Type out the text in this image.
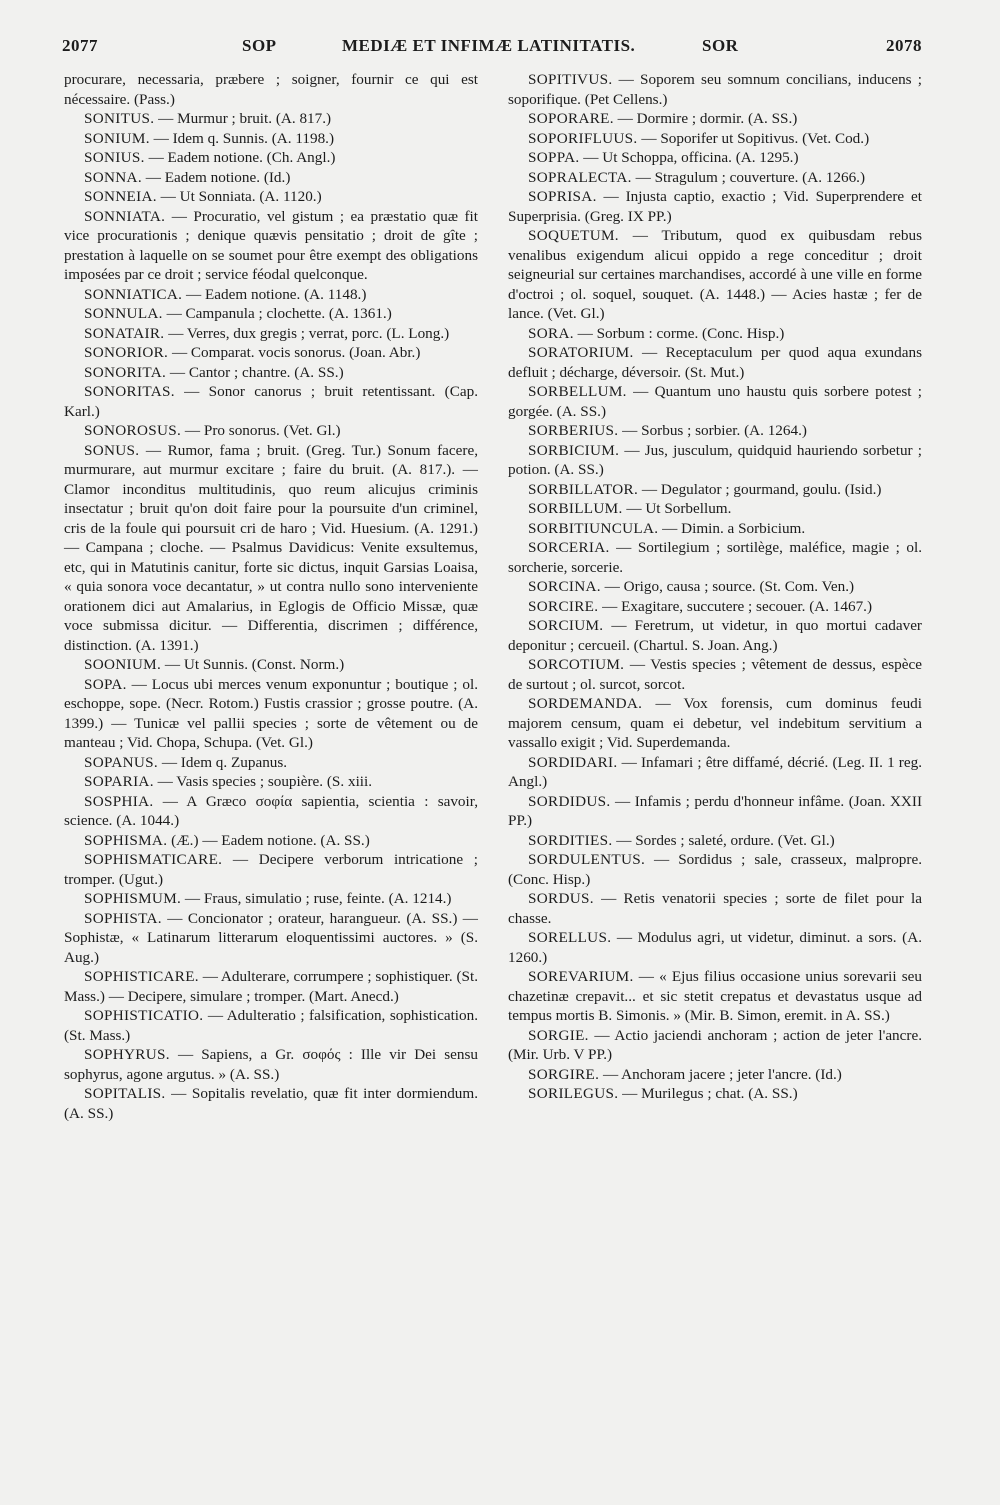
2077	SOP	MEDIÆ ET INFIMÆ LATINITATIS.	SOR	2078

procurare, necessaria, præbere ; soigner, fournir ce qui est nécessaire. (Pass.)

SONITUS. — Murmur ; bruit. (A. 817.)

SONIUM. — Idem q. Sunnis. (A. 1198.)

SONIUS. — Eadem notione. (Ch. Angl.)

SONNA. — Eadem notione. (Id.)

SONNEIA. — Ut Sonniata. (A. 1120.)

SONNIATA. — Procuratio, vel gistum ; ea præstatio quæ fit vice procurationis ; denique quævis pensitatio ; droit de gîte ; prestation à laquelle on se soumet pour être exempt des obligations imposées par ce droit ; service féodal quelconque.

SONNIATICA. — Eadem notione. (A. 1148.)

SONNULA. — Campanula ; clochette. (A. 1361.)

SONATAIR. — Verres, dux gregis ; verrat, porc. (L. Long.)

SONORIOR. — Comparat. vocis sonorus. (Joan. Abr.)

SONORITA. — Cantor ; chantre. (A. SS.)

SONORITAS. — Sonor canorus ; bruit retentissant. (Cap. Karl.)

SONOROSUS. — Pro sonorus. (Vet. Gl.)

SONUS. — Rumor, fama ; bruit. (Greg. Tur.) Sonum facere, murmurare, aut murmur excitare ; faire du bruit. (A. 817.). — Clamor inconditus multitudinis, quo reum alicujus criminis insectatur ; bruit qu'on doit faire pour la poursuite d'un criminel, cris de la foule qui poursuit cri de haro ; Vid. Huesium. (A. 1291.) — Campana ; cloche. — Psalmus Davidicus: Venite exsultemus, etc, qui in Matutinis canitur, forte sic dictus, inquit Garsias Loaisa, « quia sonora voce decantatur, » ut contra nullo sono interveniente orationem dici aut Amalarius, in Eglogis de Officio Missæ, quæ voce submissa dicitur. — Differentia, discrimen ; différence, distinction. (A. 1391.)

SOONIUM. — Ut Sunnis. (Const. Norm.)

SOPA. — Locus ubi merces venum exponuntur ; boutique ; ol. eschoppe, sope. (Necr. Rotom.) Fustis crassior ; grosse poutre. (A. 1399.) — Tunicæ vel pallii species ; sorte de vêtement ou de manteau ; Vid. Chopa, Schupa. (Vet. Gl.)

SOPANUS. — Idem q. Zupanus.

SOPARIA. — Vasis species ; soupière. (S. xiii.

SOSPHIA. — A Græco σοφία sapientia, scientia : savoir, science. (A. 1044.)

SOPHISMA. (Æ.) — Eadem notione. (A. SS.)

SOPHISMATICARE. — Decipere verborum intricatione ; tromper. (Ugut.)

SOPHISMUM. — Fraus, simulatio ; ruse, feinte. (A. 1214.)

SOPHISTA. — Concionator ; orateur, harangueur. (A. SS.) — Sophistæ, « Latinarum litterarum eloquentissimi auctores. » (S. Aug.)

SOPHISTICARE. — Adulterare, corrumpere ; sophistiquer. (St. Mass.) — Decipere, simulare ; tromper. (Mart. Anecd.)

SOPHISTICATIO. — Adulteratio ; falsification, sophistication. (St. Mass.)

SOPHYRUS. — Sapiens, a Gr. σοφός : Ille vir Dei sensu sophyrus, agone argutus. » (A. SS.)

SOPITALIS. — Sopitalis revelatio, quæ fit inter dormiendum. (A. SS.)

SOPITIVUS. — Soporem seu somnum concilians, inducens ; soporifique. (Pet Cellens.)

SOPORARE. — Dormire ; dormir. (A. SS.)

SOPORIFLUUS. — Soporifer ut Sopitivus. (Vet. Cod.)

SOPPA. — Ut Schoppa, officina. (A. 1295.)

SOPRALECTA. — Stragulum ; couverture. (A. 1266.)

SOPRISA. — Injusta captio, exactio ; Vid. Superprendere et Superprisia. (Greg. IX PP.)

SOQUETUM. — Tributum, quod ex quibusdam rebus venalibus exigendum alicui oppido a rege conceditur ; droit seigneurial sur certaines marchandises, accordé à une ville en forme d'octroi ; ol. soquel, souquet. (A. 1448.) — Acies hastæ ; fer de lance. (Vet. Gl.)

SORA. — Sorbum : corme. (Conc. Hisp.)

SORATORIUM. — Receptaculum per quod aqua exundans defluit ; décharge, déversoir. (St. Mut.)

SORBELLUM. — Quantum uno haustu quis sorbere potest ; gorgée. (A. SS.)

SORBERIUS. — Sorbus ; sorbier. (A. 1264.)

SORBICIUM. — Jus, jusculum, quidquid hauriendo sorbetur ; potion. (A. SS.)

SORBILLATOR. — Degulator ; gourmand, goulu. (Isid.)

SORBILLUM. — Ut Sorbellum.

SORBITIUNCULA. — Dimin. a Sorbicium.

SORCERIA. — Sortilegium ; sortilège, maléfice, magie ; ol. sorcherie, sorcerie.

SORCINA. — Origo, causa ; source. (St. Com. Ven.)

SORCIRE. — Exagitare, succutere ; secouer. (A. 1467.)

SORCIUM. — Feretrum, ut videtur, in quo mortui cadaver deponitur ; cercueil. (Chartul. S. Joan. Ang.)

SORCOTIUM. — Vestis species ; vêtement de dessus, espèce de surtout ; ol. surcot, sorcot.

SORDEMANDA. — Vox forensis, cum dominus feudi majorem censum, quam ei debetur, vel indebitum servitium a vassallo exigit ; Vid. Superdemanda.

SORDIDARI. — Infamari ; être diffamé, décrié. (Leg. II. 1 reg. Angl.)

SORDIDUS. — Infamis ; perdu d'honneur infâme. (Joan. XXII PP.)

SORDITIES. — Sordes ; saleté, ordure. (Vet. Gl.)

SORDULENTUS. — Sordidus ; sale, crasseux, malpropre. (Conc. Hisp.)

SORDUS. — Retis venatorii species ; sorte de filet pour la chasse.

SORELLUS. — Modulus agri, ut videtur, diminut. a sors. (A. 1260.)

SOREVARIUM. — « Ejus filius occasione unius sorevarii seu chazetinæ crepavit... et sic stetit crepatus et devastatus usque ad tempus mortis B. Simonis. » (Mir. B. Simon, eremit. in A. SS.)

SORGIE. — Actio jaciendi anchoram ; action de jeter l'ancre. (Mir. Urb. V PP.)

SORGIRE. — Anchoram jacere ; jeter l'ancre. (Id.)

SORILEGUS. — Murilegus ; chat. (A. SS.)
